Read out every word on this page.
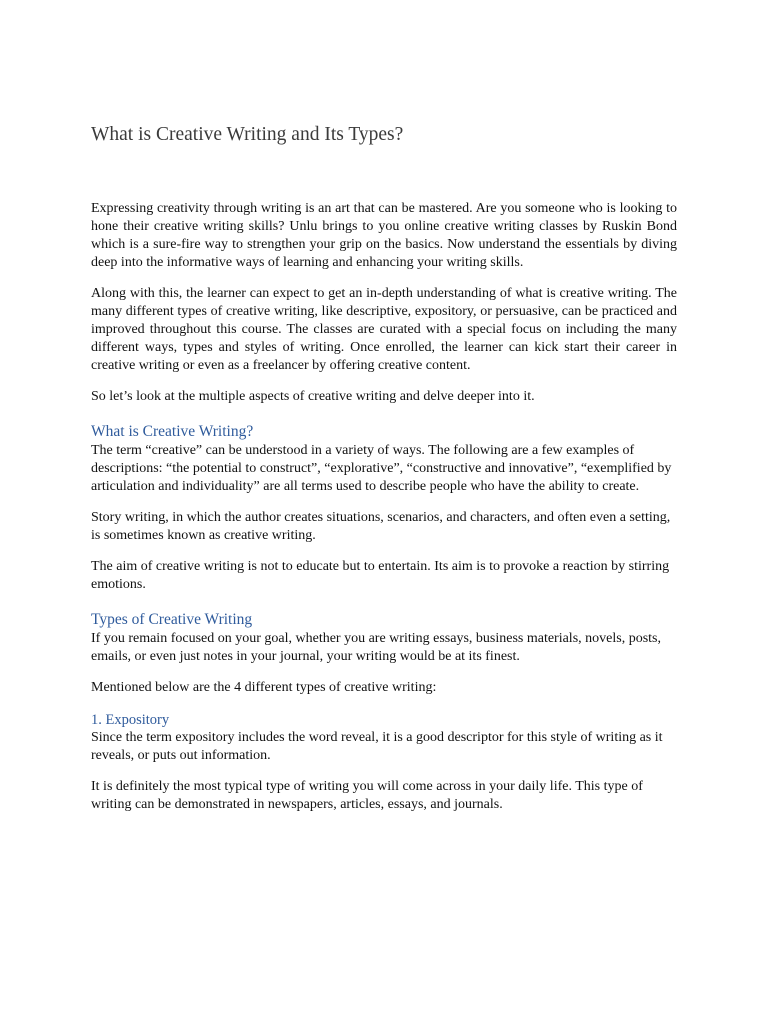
What is Creative Writing and Its Types?

Expressing creativity through writing is an art that can be mastered. Are you someone who is looking to hone their creative writing skills? Unlu brings to you online creative writing classes by Ruskin Bond which is a sure-fire way to strengthen your grip on the basics. Now understand the essentials by diving deep into the informative ways of learning and enhancing your writing skills.

Along with this, the learner can expect to get an in-depth understanding of what is creative writing. The many different types of creative writing, like descriptive, expository, or persuasive, can be practiced and improved throughout this course. The classes are curated with a special focus on including the many different ways, types and styles of writing. Once enrolled, the learner can kick start their career in creative writing or even as a freelancer by offering creative content.

So let’s look at the multiple aspects of creative writing and delve deeper into it.

What is Creative Writing?

The term “creative” can be understood in a variety of ways. The following are a few examples of descriptions: “the potential to construct”, “explorative”, “constructive and innovative”, “exemplified by articulation and individuality” are all terms used to describe people who have the ability to create.

Story writing, in which the author creates situations, scenarios, and characters, and often even a setting, is sometimes known as creative writing.

The aim of creative writing is not to educate but to entertain. Its aim is to provoke a reaction by stirring emotions.

Types of Creative Writing

If you remain focused on your goal, whether you are writing essays, business materials, novels, posts, emails, or even just notes in your journal, your writing would be at its finest.

Mentioned below are the 4 different types of creative writing:

1. Expository

Since the term expository includes the word reveal, it is a good descriptor for this style of writing as it reveals, or puts out information.

It is definitely the most typical type of writing you will come across in your daily life. This type of writing can be demonstrated in newspapers, articles, essays, and journals.
